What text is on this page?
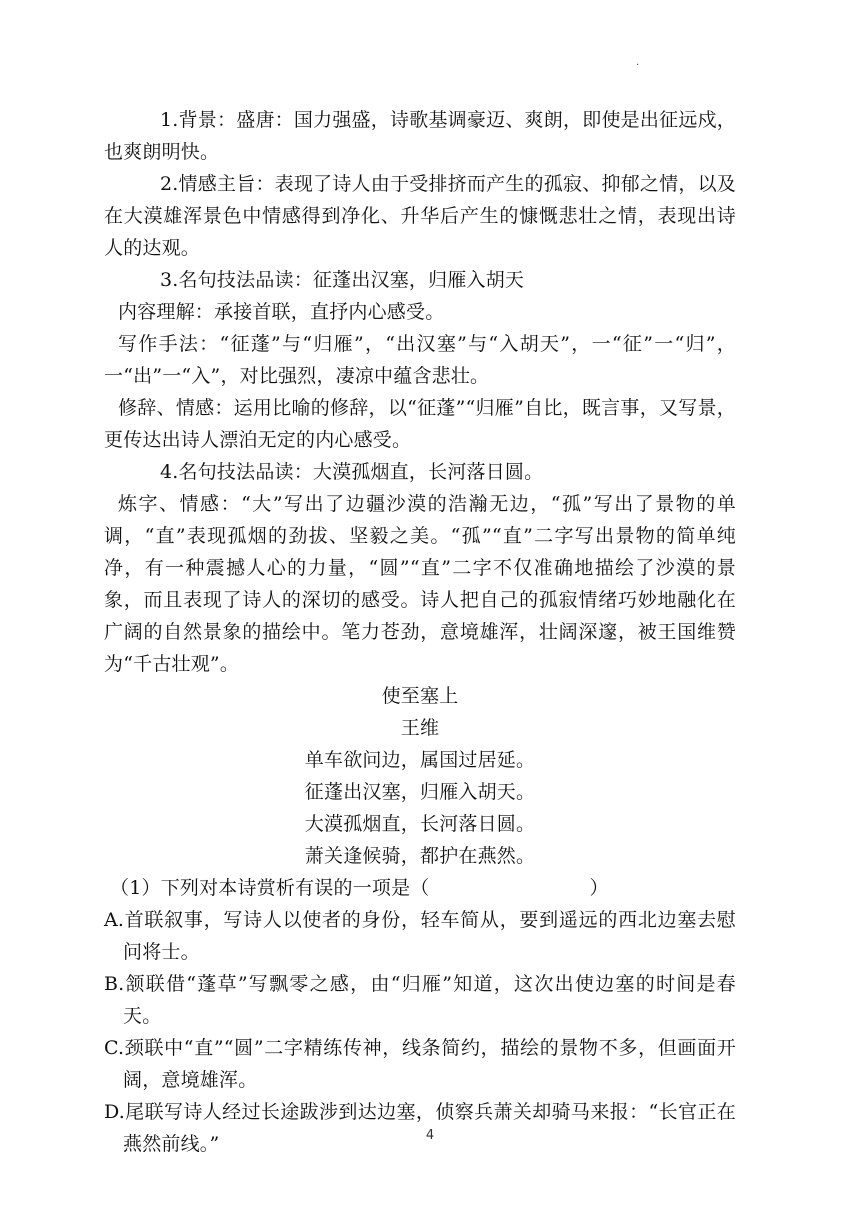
.

1.背景：盛唐：国力强盛，诗歌基调豪迈、爽朗，即使是出征远戍，也爽朗明快。

2.情感主旨：表现了诗人由于受排挤而产生的孤寂、抑郁之情，以及在大漠雄浑景色中情感得到净化、升华后产生的慷慨悲壮之情，表现出诗人的达观。

3.名句技法品读：征蓬出汉塞，归雁入胡天

内容理解：承接首联，直抒内心感受。

写作手法：“征蓬”与“归雁”，“出汉塞”与“入胡天”，一“征”一“归”，一“出”一“入”，对比强烈，凄凉中蕴含悲壮。

修辞、情感：运用比喻的修辞，以“征蓬”“归雁”自比，既言事，又写景，更传达出诗人漂泊无定的内心感受。

4.名句技法品读：大漠孤烟直，长河落日圆。

炼字、情感：“大”写出了边疆沙漠的浩瀚无边，“孤”写出了景物的单调，“直”表现孤烟的劲拔、坚毅之美。“孤”“直”二字写出景物的简单纯净，有一种震撼人心的力量，“圆”“直”二字不仅准确地描绘了沙漠的景象，而且表现了诗人的深切的感受。诗人把自己的孤寂情绪巧妙地融化在广阔的自然景象的描绘中。笔力苍劲，意境雄浑，壮阔深邃，被王国维赞为“千古壮观”。

使至塞上
王维
单车欲问边，属国过居延。
征蓬出汉塞，归雁入胡天。
大漠孤烟直，长河落日圆。
萧关逢候骑，都护在燕然。

（1）下列对本诗赏析有误的一项是（	）

A.首联叙事，写诗人以使者的身份，轻车简从，要到遥远的西北边塞去慰问将士。

B.颔联借“蓬草”写飘零之感，由“归雁”知道，这次出使边塞的时间是春天。

C.颈联中“直”“圆”二字精练传神，线条简约，描绘的景物不多，但画面开阔，意境雄浑。

D.尾联写诗人经过长途跋涉到达边塞，侦察兵萧关却骑马来报：“长官正在燕然前线。”	4
